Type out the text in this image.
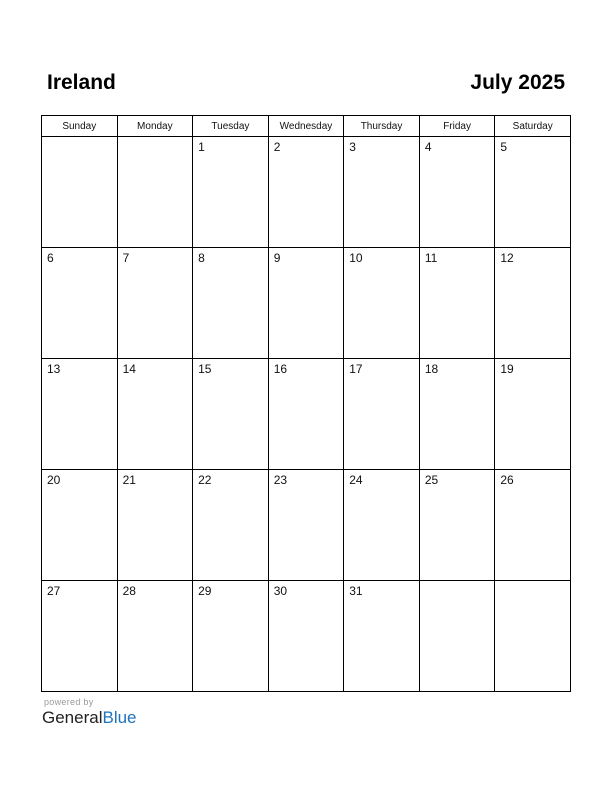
Ireland	July 2025
Sunday	Monday	Tuesday	Wednesday	Thursday	Friday	Saturday

		1	2	3	4	5

6	7	8	9	10	11	12

13	14	15	16	17	18	19

20	21	22	23	24	25	26

27	28	29	30	31		

powered by
GeneralBlue
